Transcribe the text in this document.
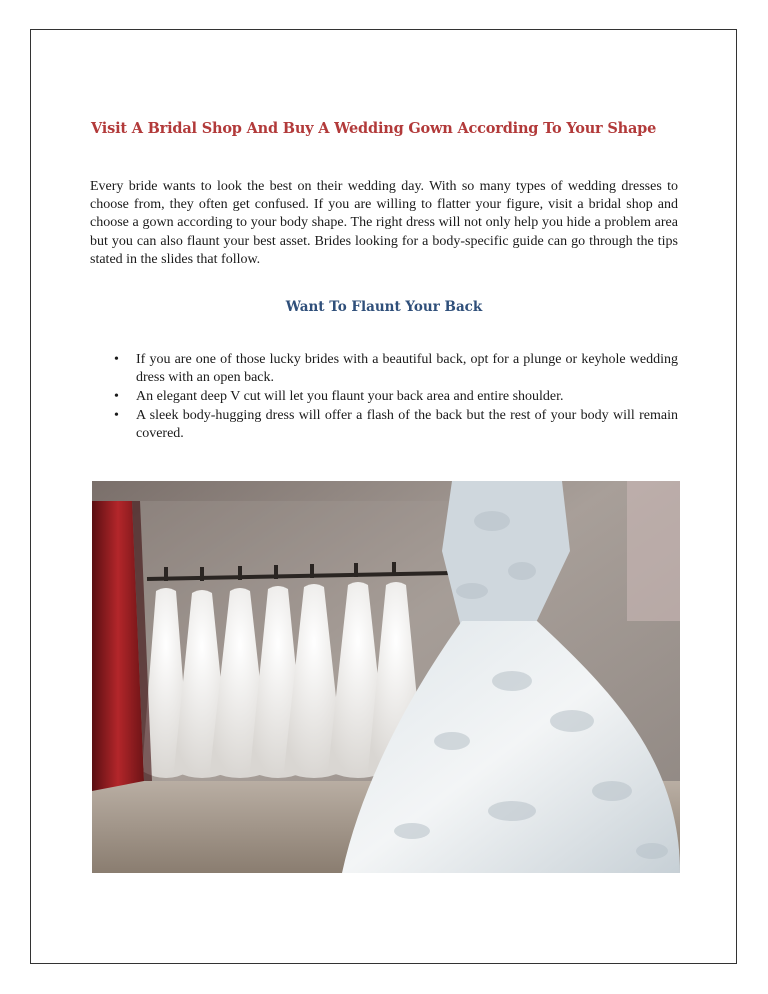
Visit A Bridal Shop And Buy A Wedding Gown According To Your Shape

Every bride wants to look the best on their wedding day. With so many types of wedding dresses to choose from, they often get confused. If you are willing to flatter your figure, visit a bridal shop and choose a gown according to your body shape. The right dress will not only help you hide a problem area but you can also flaunt your best asset. Brides looking for a body-specific guide can go through the tips stated in the slides that follow.

Want To Flaunt Your Back
• If you are one of those lucky brides with a beautiful back, opt for a plunge or keyhole wedding dress with an open back.
• An elegant deep V cut will let you flaunt your back area and entire shoulder.
• A sleek body-hugging dress will offer a flash of the back but the rest of your body will remain covered.
